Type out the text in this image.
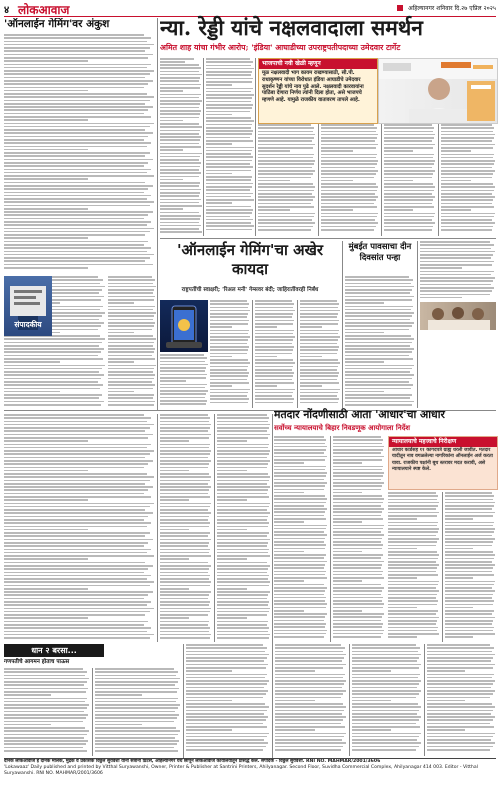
४ लोकआवाज	अहिल्यानगर शनिवार दि.२७ एप्रिल २०२५
'ऑनलाईन गेमिंग'वर अंकुश
संपादकीय
न्या. रेड्डी यांचे नक्षलवादाला समर्थन
अमित शाह यांचा गंभीर आरोप; 'इंडिया' आघाडीच्या उपराष्ट्रपतीपदाच्या उमेदवार टार्गेट
भाजपाची नवी खेळी म्हणून
मूळ नक्षलवादी भाग कायम राखण्यासाठी, सी.पी. राधाकृष्णन यांच्या विरोधात इंडिया आघाडीचे उमेदवार सुदर्शन रेड्डी यांचे नाव पुढे आले. नक्षलवादी कारवायांना पाठिंबा देणारा निर्णय त्यांनी दिला होता, असे भाजपचे म्हणणे आहे. यामुळे राजकीय वातावरण तापले आहे.
'ऑनलाईन गेमिंग'चा अखेर कायदा
राष्ट्रपतींची स्वाक्षरी; 'रिअल मनी' गेम्सवर बंदी; जाहिरातींवरही निर्बंध
मुंबईत पावसाचा दीन दिवसांत पन्हा
मतदार नोंदणीसाठी आता 'आधार'चा आधार
सर्वोच्च न्यायालयाचे बिहार निवडणूक आयोगाला निर्देश
न्यायालयाचे महत्त्वाचे निरीक्षण
आधार कार्डसह ११ कागदपत्रे ग्राह्य धरली जावीत. मतदार यादीतून नाव वगळलेल्या नागरिकांना ऑनलाईन अर्ज करता यावा. राजकीय पक्षांनी बूथ स्तरावर मदत करावी, असे न्यायालयाने स्पष्ट केले.
धान २ बरसा...
गणपतीचे आगमन होताच पाऊस
दैनिक लोकआवाज हे दैनिक मालक, मुद्रक व प्रकाशक विठ्ठल सुर्यवंशी यांनी संत्रीनी प्रिंटर्स, अहिल्यानगर येथे छापून लोकआवाज कार्यालयातून प्रसिद्ध केले. संपादक - विठ्ठल सुर्यवंशी. RNI NO. MAHMAR/2001/3606
'Lokawaaz' Daily published and printed by Vitthal Suryawanshi, Owner, Printer & Publisher at Santrini Printers, Ahilyanagar. Second Floor, Suvidha Commercial Complex, Ahilyanagar 414 003. Editor - Vitthal Suryawanshi. RNI NO. MAHMAR/2001/3606
